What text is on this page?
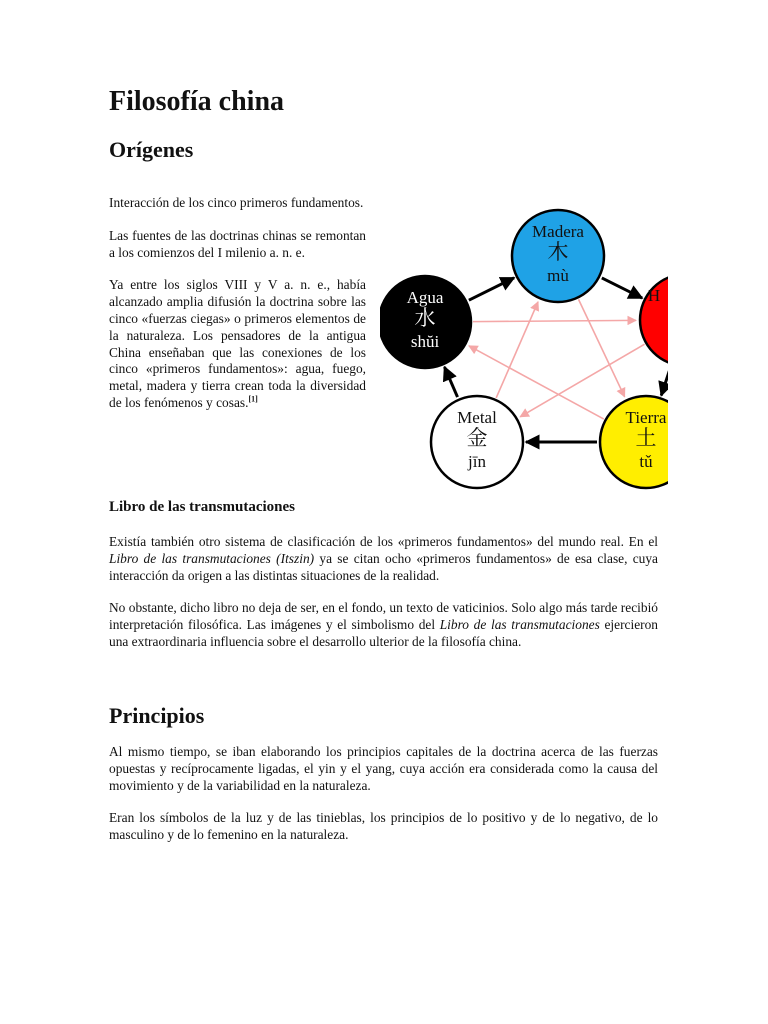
Filosofía china
Orígenes

Interacción de los cinco primeros fundamentos.

Las fuentes de las doctrinas chinas se remontan a los comienzos del I milenio a. n. e.

Ya entre los siglos VIII y V a. n. e., había alcanzado amplia difusión la doctrina sobre las cinco «fuerzas ciegas» o primeros elementos de la naturaleza. Los pensadores de la antigua China enseñaban que las conexiones de los cinco «primeros fundamentos»: agua, fuego, metal, madera y tierra crean toda la diversidad de los fenómenos y cosas.[1]

Madera
木
mù
H
Tierra
土
tǔ
Metal
金
jīn
Agua
水
shŭi
Libro de las transmutaciones

Existía también otro sistema de clasificación de los «primeros fundamentos» del mundo real. En el Libro de las transmutaciones (Itszin) ya se citan ocho «primeros fundamentos» de esa clase, cuya interacción da origen a las distintas situaciones de la realidad.

No obstante, dicho libro no deja de ser, en el fondo, un texto de vaticinios. Solo algo más tarde recibió interpretación filosófica. Las imágenes y el simbolismo del Libro de las transmutaciones ejercieron una extraordinaria influencia sobre el desarrollo ulterior de la filosofía china.

Principios

Al mismo tiempo, se iban elaborando los principios capitales de la doctrina acerca de las fuerzas opuestas y recíprocamente ligadas, el yin y el yang, cuya acción era considerada como la causa del movimiento y de la variabilidad en la naturaleza.

Eran los símbolos de la luz y de las tinieblas, los principios de lo positivo y de lo negativo, de lo masculino y de lo femenino en la naturaleza.
